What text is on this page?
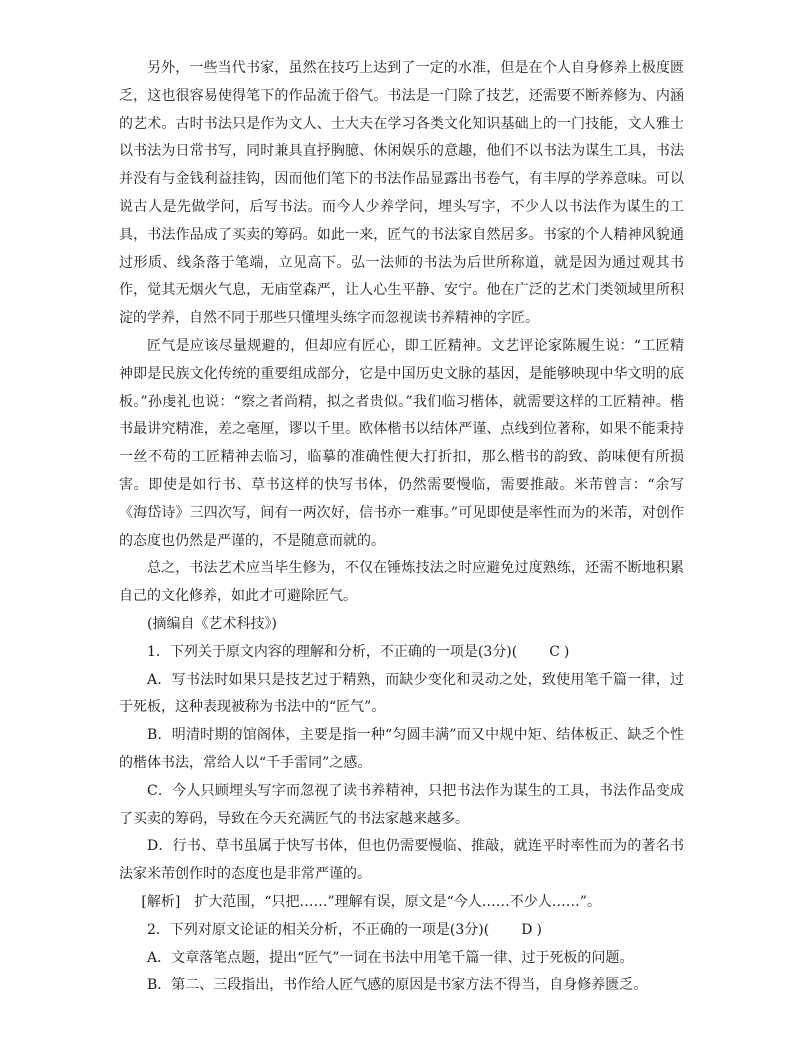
另外，一些当代书家，虽然在技巧上达到了一定的水准，但是在个人自身修养上极度匮乏，这也很容易使得笔下的作品流于俗气。书法是一门除了技艺，还需要不断养修为、内涵的艺术。古时书法只是作为文人、士大夫在学习各类文化知识基础上的一门技能，文人雅士以书法为日常书写，同时兼具直抒胸臆、休闲娱乐的意趣，他们不以书法为谋生工具，书法并没有与金钱利益挂钩，因而他们笔下的书法作品显露出书卷气，有丰厚的学养意味。可以说古人是先做学问，后写书法。而今人少养学问，埋头写字，不少人以书法作为谋生的工具，书法作品成了买卖的筹码。如此一来，匠气的书法家自然居多。书家的个人精神风貌通过形质、线条落于笔端，立见高下。弘一法师的书法为后世所称道，就是因为通过观其书作，觉其无烟火气息，无庙堂森严，让人心生平静、安宁。他在广泛的艺术门类领域里所积淀的学养，自然不同于那些只懂埋头练字而忽视读书养精神的字匠。

匠气是应该尽量规避的，但却应有匠心，即工匠精神。文艺评论家陈履生说：“工匠精神即是民族文化传统的重要组成部分，它是中国历史文脉的基因，是能够映现中华文明的底板。”孙虔礼也说：“察之者尚精，拟之者贵似。”我们临习楷体，就需要这样的工匠精神。楷书最讲究精准，差之毫厘，谬以千里。欧体楷书以结体严谨、点线到位著称，如果不能秉持一丝不苟的工匠精神去临习，临摹的准确性便大打折扣，那么楷书的韵致、韵味便有所损害。即使是如行书、草书这样的快写书体，仍然需要慢临，需要推敲。米芾曾言：“余写《海岱诗》三四次写，间有一两次好，信书亦一难事。”可见即使是率性而为的米芾，对创作的态度也仍然是严谨的，不是随意而就的。

总之，书法艺术应当毕生修为，不仅在锤炼技法之时应避免过度熟练，还需不断地积累自己的文化修养，如此才可避除匠气。

(摘编自《艺术科技》)

1．下列关于原文内容的理解和分析，不正确的一项是(3分)( C )

A．写书法时如果只是技艺过于精熟，而缺少变化和灵动之处，致使用笔千篇一律，过于死板，这种表现被称为书法中的“匠气”。

B．明清时期的馆阁体，主要是指一种“匀圆丰满”而又中规中矩、结体板正、缺乏个性的楷体书法，常给人以“千手雷同”之感。

C．今人只顾埋头写字而忽视了读书养精神，只把书法作为谋生的工具，书法作品变成了买卖的筹码，导致在今天充满匠气的书法家越来越多。

D．行书、草书虽属于快写书体，但也仍需要慢临、推敲，就连平时率性而为的著名书法家米芾创作时的态度也是非常严谨的。

[解析]　扩大范围，“只把……”理解有误，原文是“今人……不少人……”。

2．下列对原文论证的相关分析，不正确的一项是(3分)( D )

A．文章落笔点题，提出“匠气”一词在书法中用笔千篇一律、过于死板的问题。

B．第二、三段指出，书作给人匠气感的原因是书家方法不得当，自身修养匮乏。
